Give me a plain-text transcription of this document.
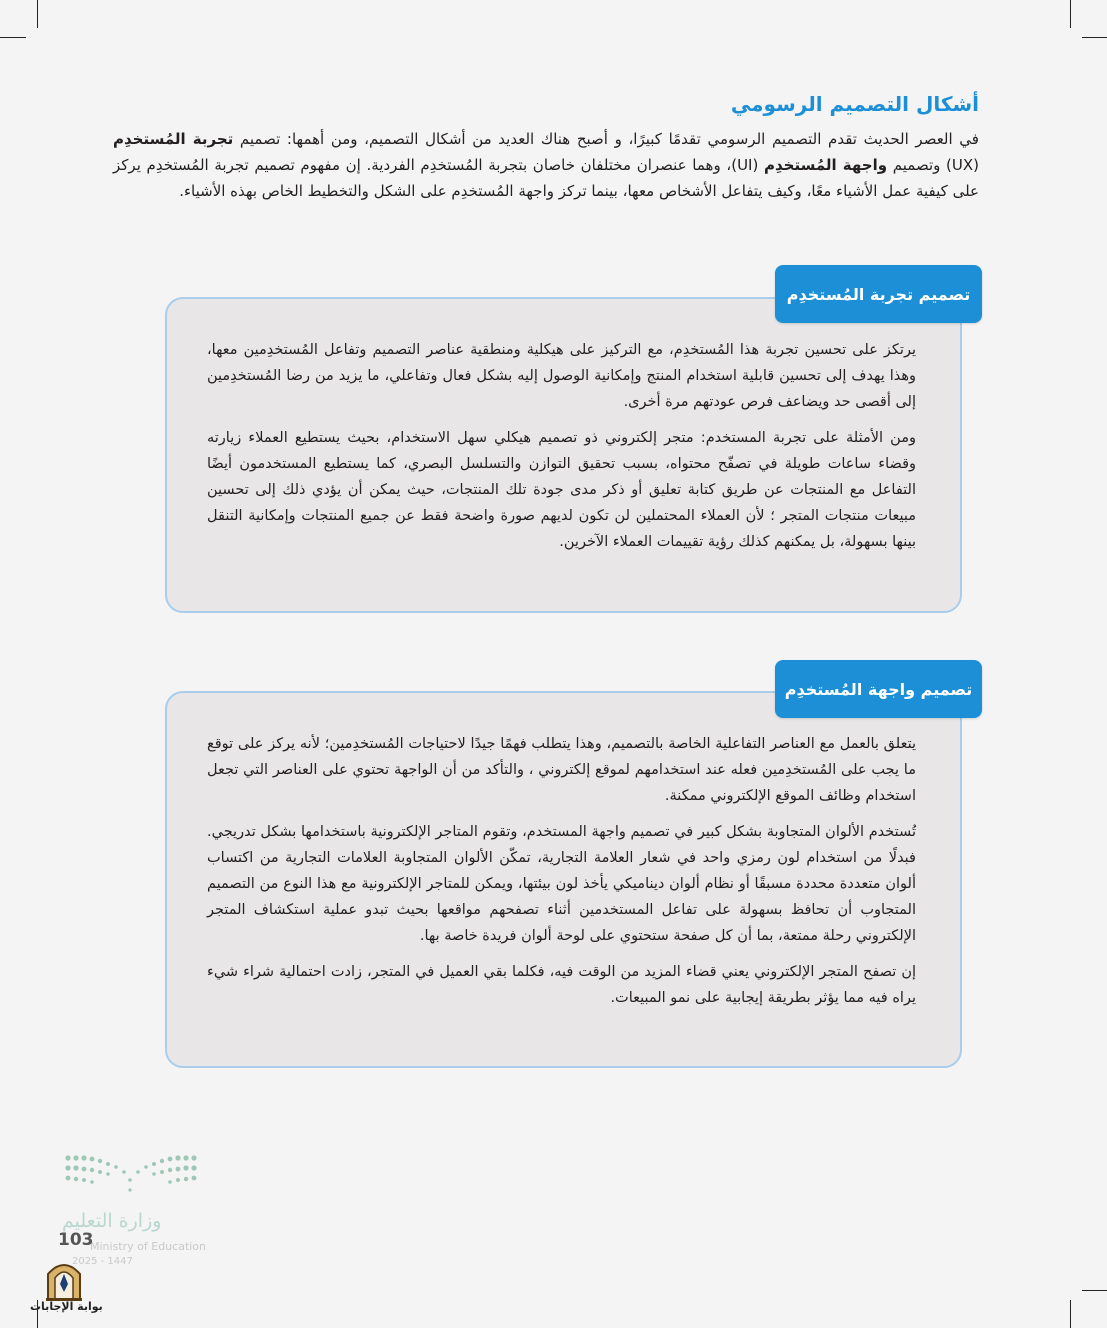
أشكال التصميم الرسومي
في العصر الحديث تقدم التصميم الرسومي تقدمًا كبيرًا، و أصبح هناك العديد من أشكال التصميم، ومن أهمها: تصميم تجربة المُستخدِم (UX) وتصميم واجهة المُستخدِم (UI)، وهما عنصران مختلفان خاصان بتجربة المُستخدِم الفردية. إن مفهوم تصميم تجربة المُستخدِم يركز على كيفية عمل الأشياء معًا، وكيف يتفاعل الأشخاص معها، بينما تركز واجهة المُستخدِم على الشكل والتخطيط الخاص بهذه الأشياء.

يرتكز على تحسين تجربة هذا المُستخدِم، مع التركيز على هيكلية ومنطقية عناصر التصميم وتفاعل المُستخدِمين معها، وهذا يهدف إلى تحسين قابلية استخدام المنتج وإمكانية الوصول إليه بشكل فعال وتفاعلي، ما يزيد من رضا المُستخدِمين إلى أقصى حد ويضاعف فرص عودتهم مرة أخرى.

ومن الأمثلة على تجربة المستخدم: متجر إلكتروني ذو تصميم هيكلي سهل الاستخدام، بحيث يستطيع العملاء زيارته وقضاء ساعات طويلة في تصفّح محتواه، بسبب تحقيق التوازن والتسلسل البصري، كما يستطيع المستخدمون أيضًا التفاعل مع المنتجات عن طريق كتابة تعليق أو ذكر مدى جودة تلك المنتجات، حيث يمكن أن يؤدي ذلك إلى تحسين مبيعات منتجات المتجر ؛ لأن العملاء المحتملين لن تكون لديهم صورة واضحة فقط عن جميع المنتجات وإمكانية التنقل بينها بسهولة، بل يمكنهم كذلك رؤية تقييمات العملاء الآخرين.

تصميم تجربة المُستخدِم

يتعلق بالعمل مع العناصر التفاعلية الخاصة بالتصميم، وهذا يتطلب فهمًا جيدًا لاحتياجات المُستخدِمين؛ لأنه يركز على توقع ما يجب على المُستخدِمين فعله عند استخدامهم لموقع إلكتروني ، والتأكد من أن الواجهة تحتوي على العناصر التي تجعل استخدام وظائف الموقع الإلكتروني ممكنة.

تُستخدم الألوان المتجاوبة بشكل كبير في تصميم واجهة المستخدم، وتقوم المتاجر الإلكترونية باستخدامها بشكل تدريجي. فبدلًا من استخدام لون رمزي واحد في شعار العلامة التجارية، تمكّن الألوان المتجاوبة العلامات التجارية من اكتساب ألوان متعددة محددة مسبقًا أو نظام ألوان ديناميكي يأخذ لون بيئتها، ويمكن للمتاجر الإلكترونية مع هذا النوع من التصميم المتجاوب أن تحافظ بسهولة على تفاعل المستخدمين أثناء تصفحهم مواقعها بحيث تبدو عملية استكشاف المتجر الإلكتروني رحلة ممتعة، بما أن كل صفحة ستحتوي على لوحة ألوان فريدة خاصة بها.

إن تصفح المتجر الإلكتروني يعني قضاء المزيد من الوقت فيه، فكلما بقي العميل في المتجر، زادت احتمالية شراء شيء يراه فيه مما يؤثر بطريقة إيجابية على نمو المبيعات.

تصميم واجهة المُستخدِم
وزارة التعليم
Ministry of Education
2025 - 1447
103
بوابة الإجابات
